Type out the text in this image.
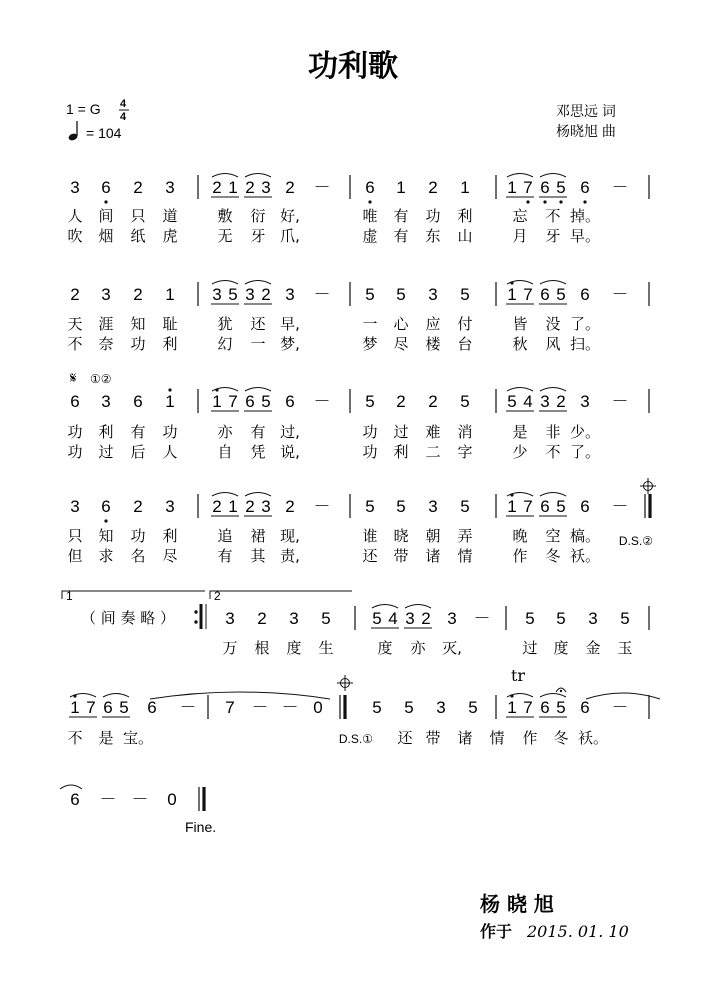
功利歌
1 = G 4
4
= 104
邓思远 词
杨晓旭 曲
3 6 2 3 2 1 2 3 2 － 6 1 2 1 1 7 6 5 6 －
人 间 只 道	敷 衍 好,	唯 有 功 利	忘 不 掉。
吹 烟 纸 虎	无 牙 爪,	虚 有 东 山	月 牙 早。
2 3 2 1 3 5 3 2 3 － 5 5 3 5 1 7 6 5 6 －
天 涯 知 耻	犹 还 早,	一 心 应 付	皆 没 了。
不 奈 功 利	幻 一 梦,	梦 尽 楼 台	秋 风 扫。
𝄋 ①②
6 3 6 1 1 7 6 5 6 － 5 2 2 5 5 4 3 2 3 －
功 利 有 功	亦 有 过,	功 过 难 消	是 非 少。
功 过 后 人	自 凭 说,	功 利 二 字	少 不 了。
3 6 2 3 2 1 2 3 2 － 5 5 3 5 1 7 6 5 6 －
只 知 功 利	追 裙 现,	谁 晓 朝 弄	晚 空 槁。
但 求 名 尽	有 其 责,	还 带 诸 情	作 冬 袄。
D.S.②
1	2
（ 间 奏 略 ）	3 2 3 5 5 4 3 2 3 － 5 5 3 5
万 根 度 生	度 亦 灭,	过 度 金 玉
1 7 6 5 6 － 7 － － 0	5 5 3 5 1 7 6 5 6 －
tr
不 是 宝。	还 带 诸 情 作 冬 袄。
D.S.①
6 － － 0
Fine.
杨 晓 旭
作于 2015. 01. 10
